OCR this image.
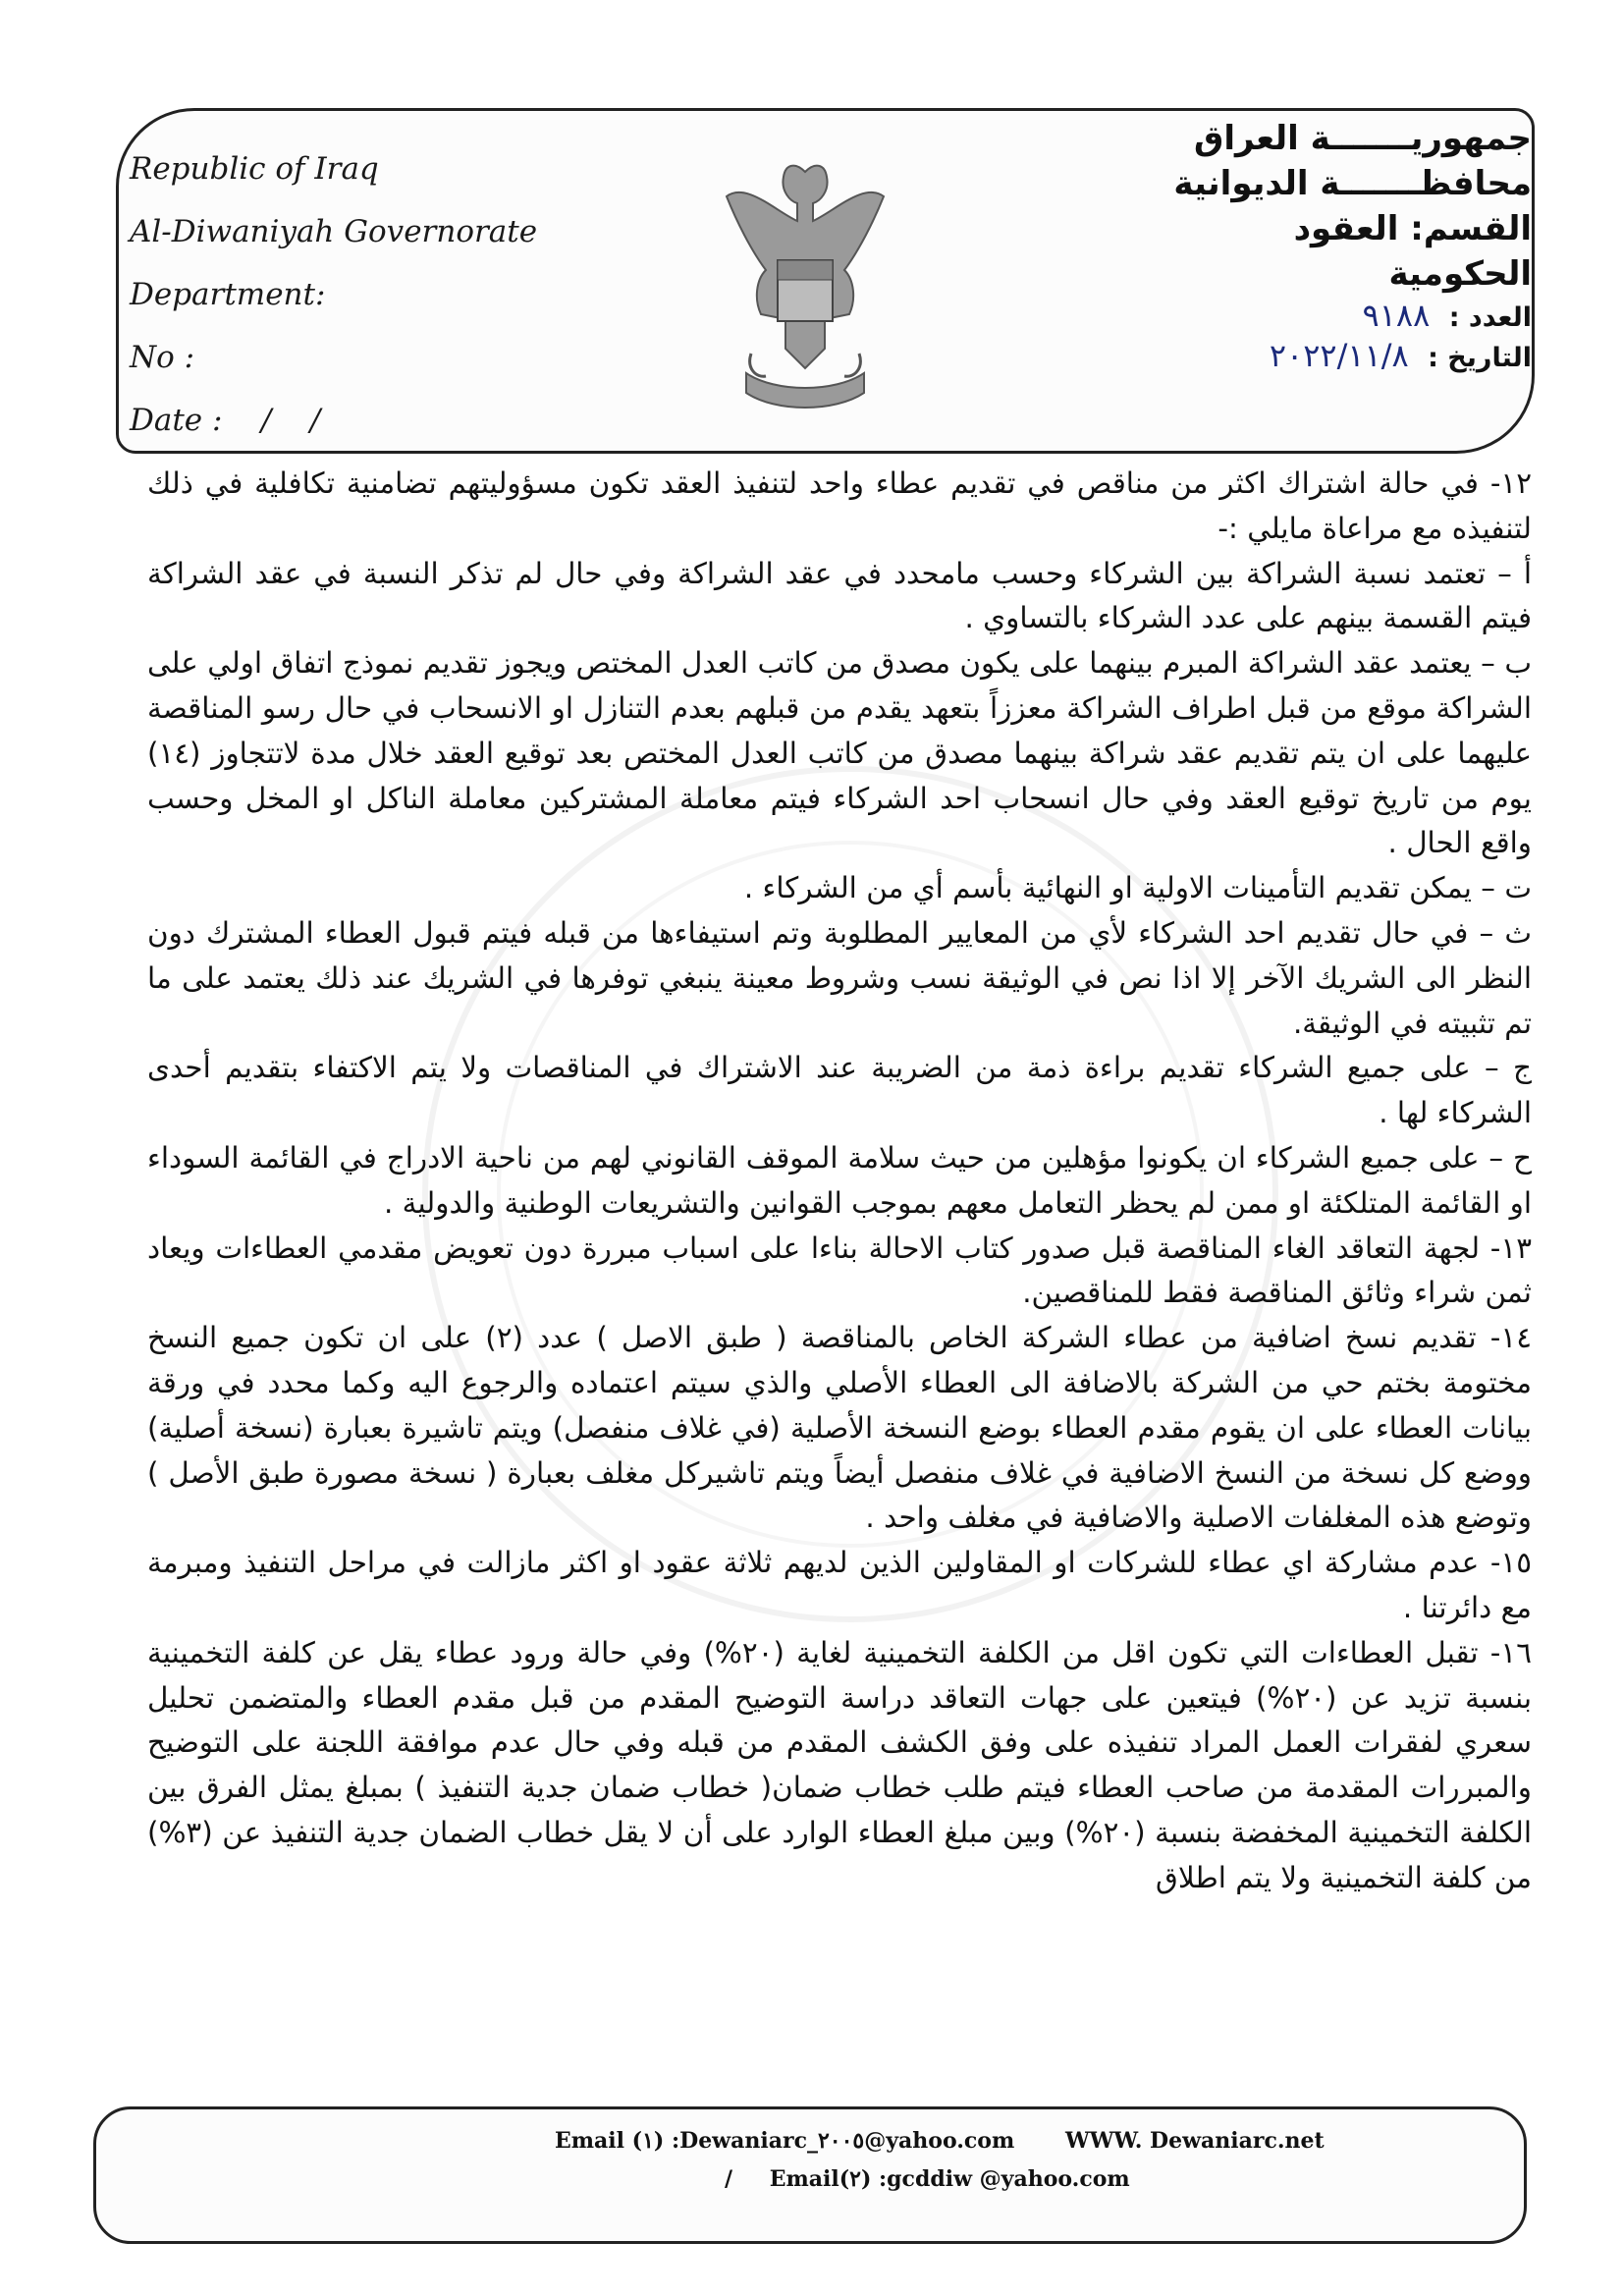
Republic of Iraq
Al-Diwaniyah Governorate
Department:
No :
Date :    /    /
جمهوريـــــــة العراق
محافظـــــــة الديوانية
القسم: العقود الحكومية
العدد : ٩١٨٨
التاريخ : ٢٠٢٢/١١/٨

١٢- في حالة اشتراك اكثر من مناقص في تقديم عطاء واحد لتنفيذ العقد تكون مسؤوليتهم تضامنية تكافلية في ذلك لتنفيذه مع مراعاة مايلي :-

أ – تعتمد نسبة الشراكة بين الشركاء وحسب مامحدد في عقد الشراكة وفي حال لم تذكر النسبة في عقد الشراكة فيتم القسمة بينهم على عدد الشركاء بالتساوي .

ب – يعتمد عقد الشراكة المبرم بينهما على يكون مصدق من كاتب العدل المختص ويجوز تقديم نموذج اتفاق اولي على الشراكة موقع من قبل اطراف الشراكة معززاً بتعهد يقدم من قبلهم بعدم التنازل او الانسحاب في حال رسو المناقصة عليهما على ان يتم تقديم عقد شراكة بينهما مصدق من كاتب العدل المختص بعد توقيع العقد خلال مدة لاتتجاوز (١٤) يوم من تاريخ توقيع العقد وفي حال انسحاب احد الشركاء فيتم معاملة المشتركين معاملة الناكل او المخل وحسب واقع الحال .

ت – يمكن تقديم التأمينات الاولية او النهائية بأسم أي من الشركاء .

ث – في حال تقديم احد الشركاء لأي من المعايير المطلوبة وتم استيفاءها من قبله فيتم قبول العطاء المشترك دون النظر الى الشريك الآخر إلا اذا نص في الوثيقة نسب وشروط معينة ينبغي توفرها في الشريك عند ذلك يعتمد على ما تم تثبيته في الوثيقة.

ج – على جميع الشركاء تقديم براءة ذمة من الضريبة عند الاشتراك في المناقصات ولا يتم الاكتفاء بتقديم أحدى الشركاء لها .

ح – على جميع الشركاء ان يكونوا مؤهلين من حيث سلامة الموقف القانوني لهم من ناحية الادراج في القائمة السوداء او القائمة المتلكئة او ممن لم يحظر التعامل معهم بموجب القوانين والتشريعات الوطنية والدولية .

١٣- لجهة التعاقد الغاء المناقصة قبل صدور كتاب الاحالة بناءا على اسباب مبررة دون تعويض مقدمي العطاءات ويعاد ثمن شراء وثائق المناقصة فقط للمناقصين.

١٤- تقديم نسخ اضافية من عطاء الشركة الخاص بالمناقصة ( طبق الاصل ) عدد (٢) على ان تكون جميع النسخ مختومة بختم حي من الشركة بالاضافة الى العطاء الأصلي والذي سيتم اعتماده والرجوع اليه وكما محدد في ورقة بيانات العطاء على ان يقوم مقدم العطاء بوضع النسخة الأصلية (في غلاف منفصل) ويتم تاشيرة بعبارة (نسخة أصلية) ووضع كل نسخة من النسخ الاضافية في غلاف منفصل أيضاً ويتم تاشيركل مغلف بعبارة ( نسخة مصورة طبق الأصل ) وتوضع هذه المغلفات الاصلية والاضافية في مغلف واحد .

١٥- عدم مشاركة اي عطاء للشركات او المقاولين الذين لديهم ثلاثة عقود او اكثر مازالت في مراحل التنفيذ ومبرمة مع دائرتنا .

١٦- تقبل العطاءات التي تكون اقل من الكلفة التخمينية لغاية (٢٠%) وفي حالة ورود عطاء يقل عن كلفة التخمينية بنسبة تزيد عن (٢٠%) فيتعين على جهات التعاقد دراسة التوضيح المقدم من قبل مقدم العطاء والمتضمن تحليل سعري لفقرات العمل المراد تنفيذه على وفق الكشف المقدم من قبله وفي حال عدم موافقة اللجنة على التوضيح والمبررات المقدمة من صاحب العطاء فيتم طلب خطاب ضمان( خطاب ضمان جدية التنفيذ ) بمبلغ يمثل الفرق بين الكلفة التخمينية المخفضة بنسبة (٢٠%) وبين مبلغ العطاء الوارد على أن لا يقل خطاب الضمان جدية التنفيذ عن (٣%) من كلفة التخمينية ولا يتم اطلاق

Email (١) :Dewaniarc_٢٠٠٥@yahoo.com WWW. Dewaniarc.net
/ Email(٢) :gcddiw @yahoo.com
